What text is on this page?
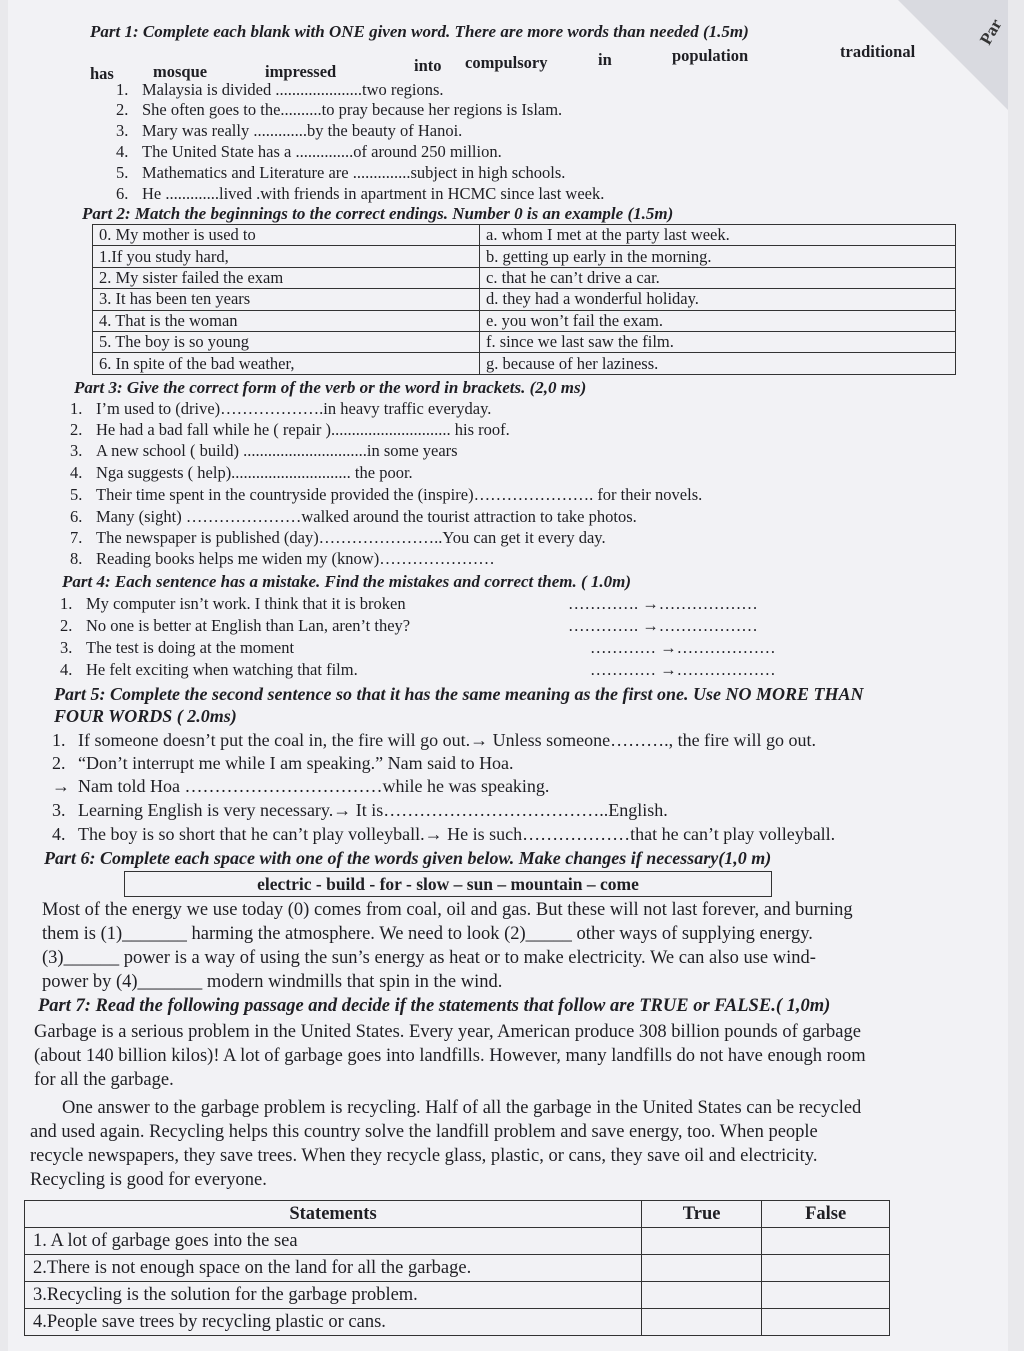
Par
Part 1: Complete each blank with ONE given word. There are more words than needed (1.5m)
has mosque	impressed	into compulsory	in	population	traditional
1. Malaysia is divided .....................two regions.
2. She often goes to the..........to pray because her regions is Islam.
3. Mary was really .............by the beauty of Hanoi.
4. The United State has a ..............of around 250 million.
5. Mathematics and Literature are ..............subject in high schools.
6. He .............lived .with friends in apartment in HCMC since last week.
Part 2: Match the beginnings to the correct endings. Number 0 is an example (1.5m)
0. My mother is used to	a. whom I met at the party last week.
1.If you study hard,	b. getting up early in the morning.
2. My sister failed the exam	c. that he can’t drive a car.
3. It has been ten years	d. they had a wonderful holiday.
4. That is the woman	e. you won’t fail the exam.
5. The boy is so young	f. since we last saw the film.
6. In spite of the bad weather,	g. because of her laziness.
Part 3: Give the correct form of the verb or the word in brackets. (2,0 ms)
1. I’m used to (drive)……………….in heavy traffic everyday.
2. He had a bad fall while he ( repair )............................. his roof.
3. A new school ( build) ..............................in some years
4. Nga suggests ( help)............................. the poor.
5. Their time spent in the countryside provided the (inspire)…………………. for their novels.
6. Many (sight) …………………walked around the tourist attraction to take photos.
7. The newspaper is published (day)…………………..You can get it every day.
8. Reading books helps me widen my (know)…………………
Part 4: Each sentence has a mistake. Find the mistakes and correct them. ( 1.0m)
1. My computer isn’t work. I think that it is broken	…………. →………………
2. No one is better at English than Lan, aren’t they?	…………. →………………
3. The test is doing at the moment	………… →………………
4. He felt exciting when watching that film.	………… →………………
Part 5: Complete the second sentence so that it has the same meaning as the first one. Use NO MORE THAN
FOUR WORDS ( 2.0ms)
1. If someone doesn’t put the coal in, the fire will go out.→ Unless someone………., the fire will go out.
2. “Don’t interrupt me while I am speaking.” Nam said to Hoa.
→ Nam told Hoa ……………………………while he was speaking.
3. Learning English is very necessary.→ It is………………………………..English.
4. The boy is so short that he can’t play volleyball.→ He is such………………that he can’t play volleyball.
Part 6: Complete each space with one of the words given below. Make changes if necessary(1,0 m)
electric - build - for - slow – sun – mountain – come
Most of the energy we use today (0) comes from coal, oil and gas. But these will not last forever, and burning
them is (1)_______ harming the atmosphere. We need to look (2)_____ other ways of supplying energy.
(3)______ power is a way of using the sun’s energy as heat or to make electricity. We can also use wind-
power by (4)_______ modern windmills that spin in the wind.
Part 7: Read the following passage and decide if the statements that follow are TRUE or FALSE.( 1,0m)
Garbage is a serious problem in the United States. Every year, American produce 308 billion pounds of garbage
(about 140 billion kilos)! A lot of garbage goes into landfills. However, many landfills do not have enough room
for all the garbage.
One answer to the garbage problem is recycling. Half of all the garbage in the United States can be recycled
and used again. Recycling helps this country solve the landfill problem and save energy, too. When people
recycle newspapers, they save trees. When they recycle glass, plastic, or cans, they save oil and electricity.
Recycling is good for everyone.
Statements	True	False
1. A lot of garbage goes into the sea		
2.There is not enough space on the land for all the garbage.		
3.Recycling is the solution for the garbage problem.		
4.People save trees by recycling plastic or cans.		
